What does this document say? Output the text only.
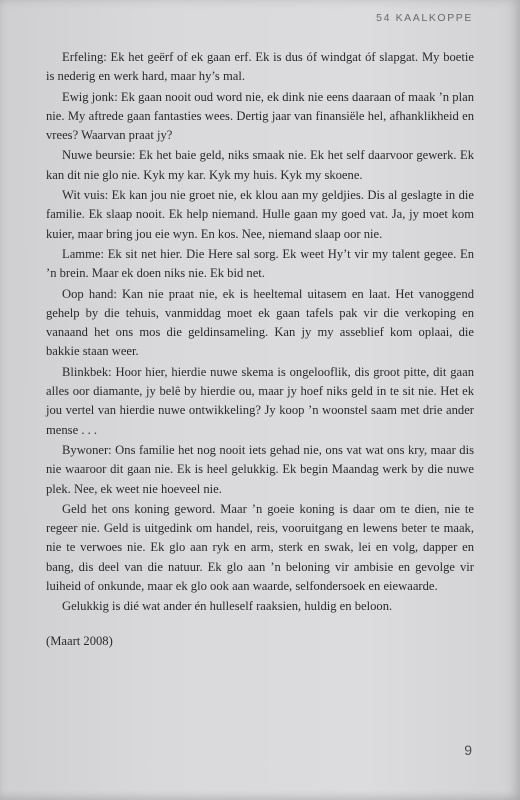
54 KAALKOPPE

Erfeling: Ek het geërf of ek gaan erf. Ek is dus óf windgat óf slapgat. My boetie is nederig en werk hard, maar hy’s mal.

Ewig jonk: Ek gaan nooit oud word nie, ek dink nie eens daaraan of maak ’n plan nie. My aftrede gaan fantasties wees. Dertig jaar van finansiële hel, afhanklikheid en vrees? Waarvan praat jy?

Nuwe beursie: Ek het baie geld, niks smaak nie. Ek het self daarvoor gewerk. Ek kan dit nie glo nie. Kyk my kar. Kyk my huis. Kyk my skoene.

Wit vuis: Ek kan jou nie groet nie, ek klou aan my geldjies. Dis al geslagte in die familie. Ek slaap nooit. Ek help niemand. Hulle gaan my goed vat. Ja, jy moet kom kuier, maar bring jou eie wyn. En kos. Nee, niemand slaap oor nie.

Lamme: Ek sit net hier. Die Here sal sorg. Ek weet Hy’t vir my talent gegee. En ’n brein. Maar ek doen niks nie. Ek bid net.

Oop hand: Kan nie praat nie, ek is heeltemal uitasem en laat. Het vanoggend gehelp by die tehuis, vanmiddag moet ek gaan tafels pak vir die verkoping en vanaand het ons mos die geldinsameling. Kan jy my asseblief kom oplaai, die bakkie staan weer.

Blinkbek: Hoor hier, hierdie nuwe skema is ongelooflik, dis groot pitte, dit gaan alles oor diamante, jy belê by hierdie ou, maar jy hoef niks geld in te sit nie. Het ek jou vertel van hierdie nuwe ontwikkeling? Jy koop ’n woonstel saam met drie ander mense . . .

Bywoner: Ons familie het nog nooit iets gehad nie, ons vat wat ons kry, maar dis nie waaroor dit gaan nie. Ek is heel gelukkig. Ek begin Maandag werk by die nuwe plek. Nee, ek weet nie hoeveel nie.

Geld het ons koning geword. Maar ’n goeie koning is daar om te dien, nie te regeer nie. Geld is uitgedink om handel, reis, vooruitgang en lewens beter te maak, nie te verwoes nie. Ek glo aan ryk en arm, sterk en swak, lei en volg, dapper en bang, dis deel van die natuur. Ek glo aan ’n beloning vir ambisie en gevolge vir luiheid of onkunde, maar ek glo ook aan waarde, selfondersoek en eiewaarde.

Gelukkig is dié wat ander én hulleself raaksien, huldig en beloon.

(Maart 2008)

9
